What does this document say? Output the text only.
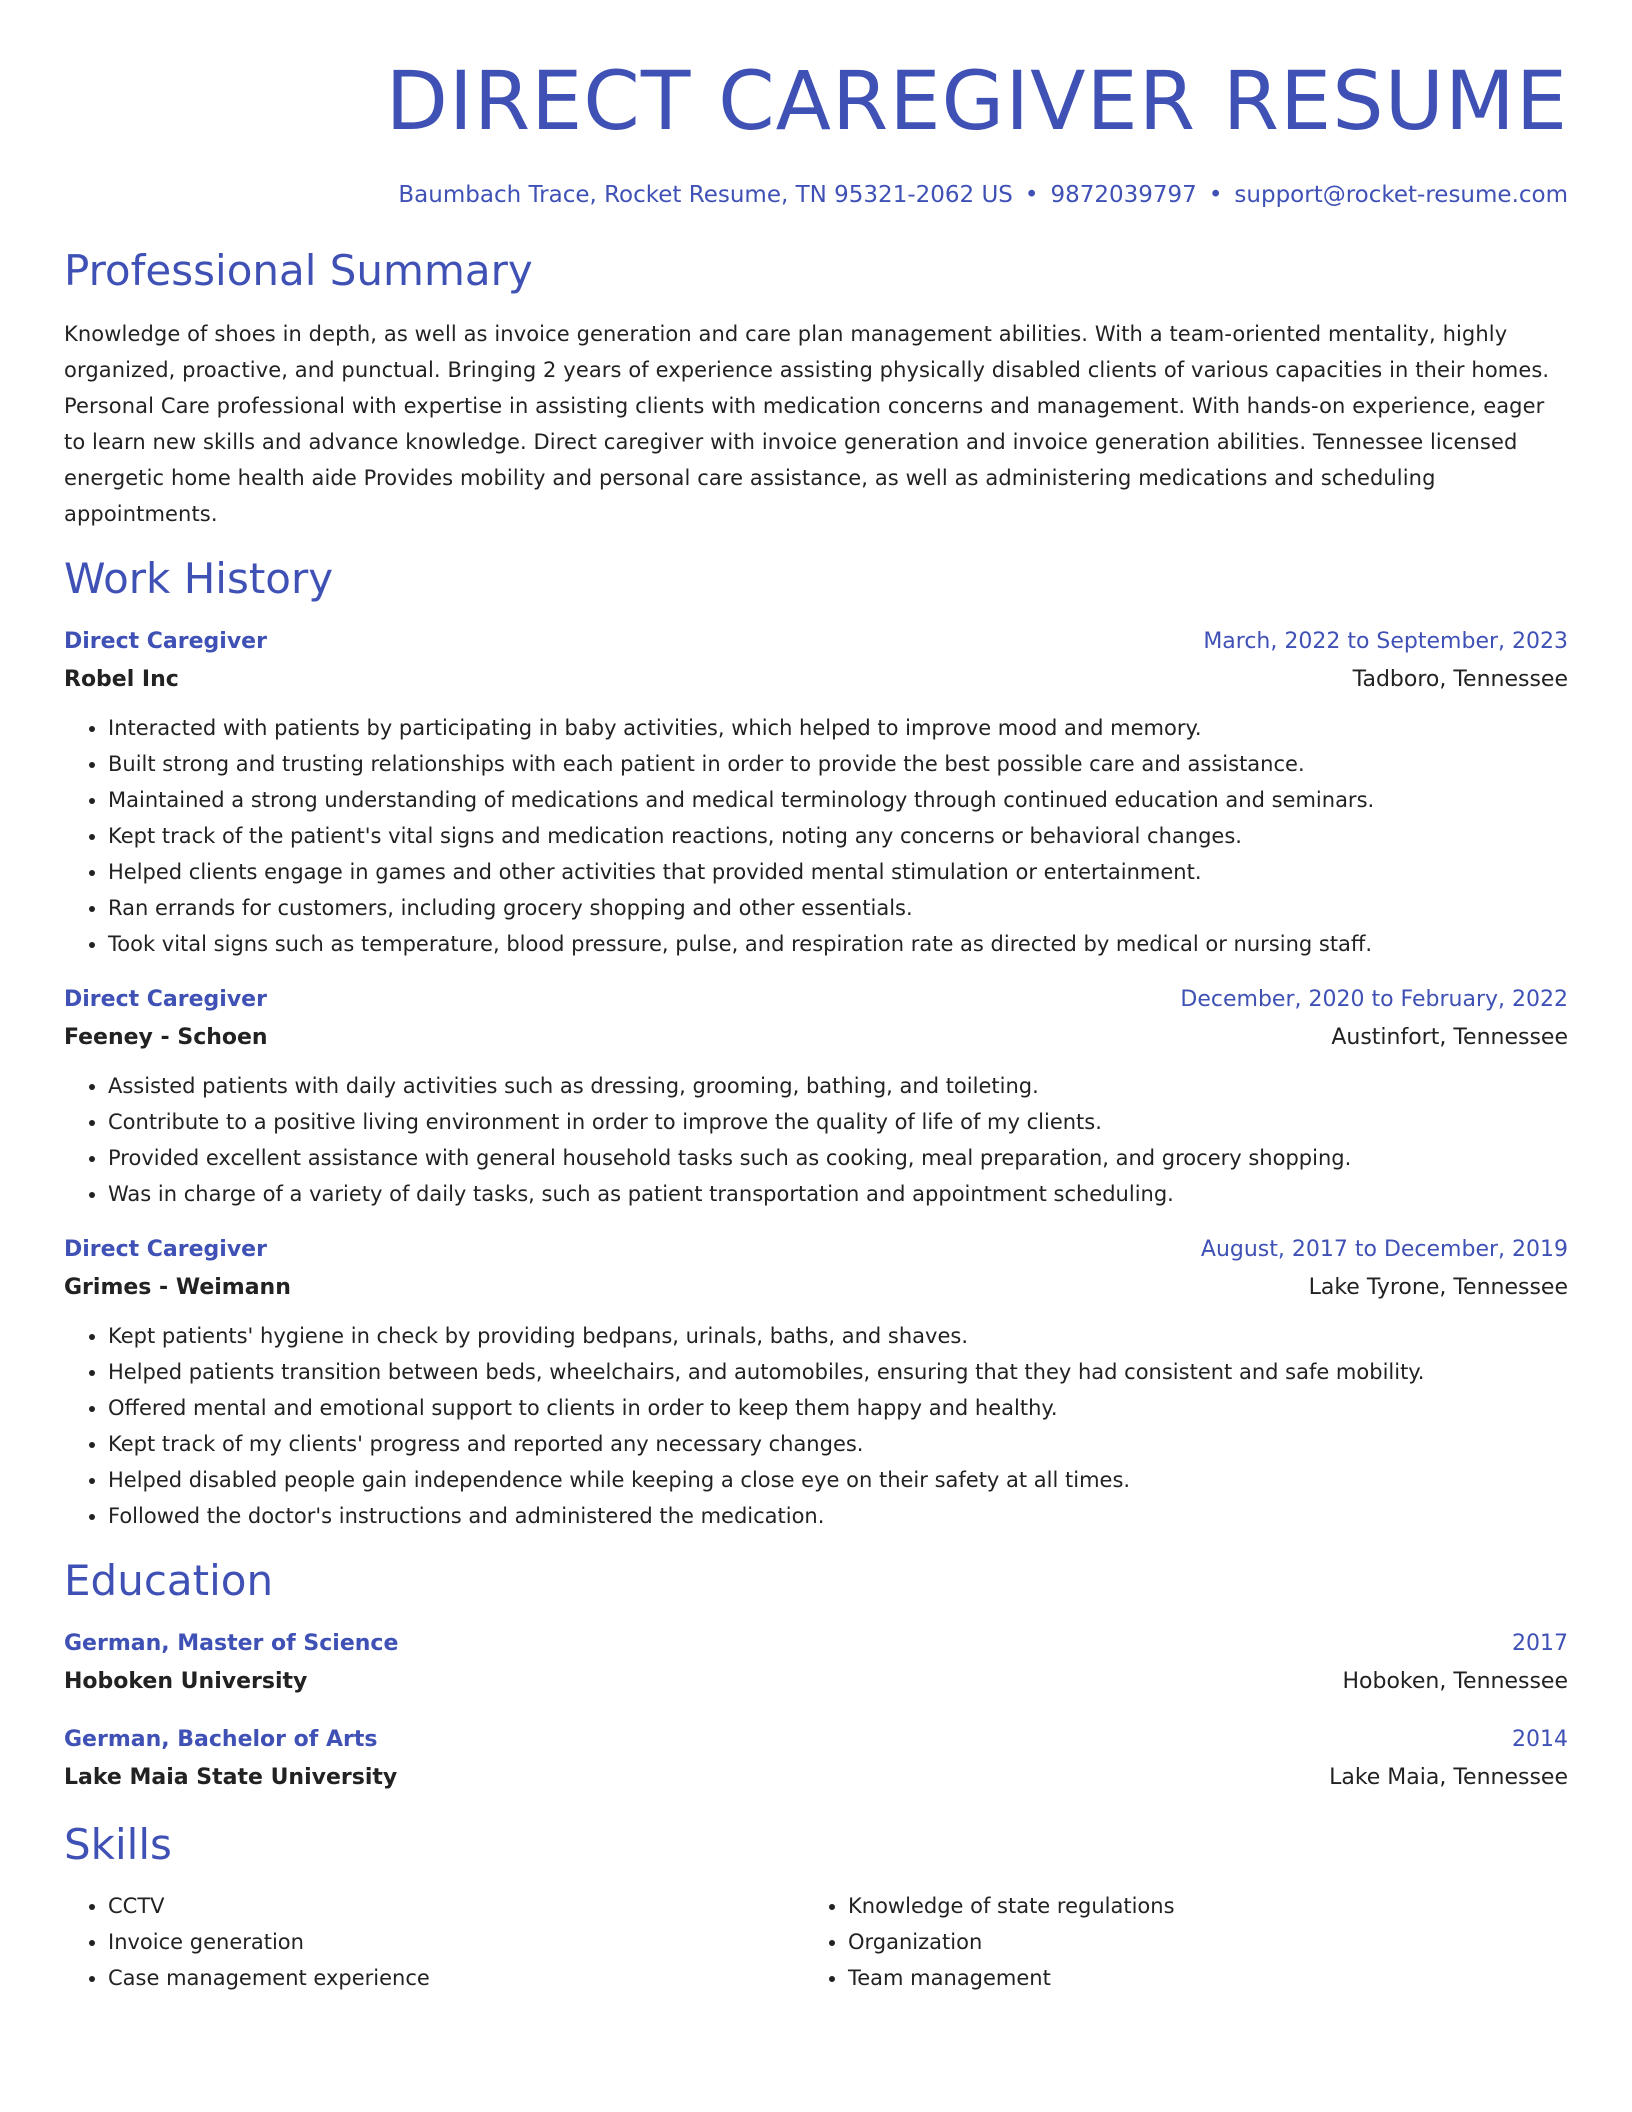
DIRECT CAREGIVER RESUME
Baumbach Trace, Rocket Resume, TN 95321-2062 US • 9872039797 • support@rocket-resume.com
Professional Summary
Knowledge of shoes in depth, as well as invoice generation and care plan management abilities. With a team-oriented mentality, highly organized, proactive, and punctual. Bringing 2 years of experience assisting physically disabled clients of various capacities in their homes. Personal Care professional with expertise in assisting clients with medication concerns and management. With hands-on experience, eager to learn new skills and advance knowledge. Direct caregiver with invoice generation and invoice generation abilities. Tennessee licensed energetic home health aide Provides mobility and personal care assistance, as well as administering medications and scheduling appointments.
Work History
Direct Caregiver	March, 2022 to September, 2023
Robel Inc	Tadboro, Tennessee
• Interacted with patients by participating in baby activities, which helped to improve mood and memory.
• Built strong and trusting relationships with each patient in order to provide the best possible care and assistance.
• Maintained a strong understanding of medications and medical terminology through continued education and seminars.
• Kept track of the patient's vital signs and medication reactions, noting any concerns or behavioral changes.
• Helped clients engage in games and other activities that provided mental stimulation or entertainment.
• Ran errands for customers, including grocery shopping and other essentials.
• Took vital signs such as temperature, blood pressure, pulse, and respiration rate as directed by medical or nursing staff.
Direct Caregiver	December, 2020 to February, 2022
Feeney - Schoen	Austinfort, Tennessee
• Assisted patients with daily activities such as dressing, grooming, bathing, and toileting.
• Contribute to a positive living environment in order to improve the quality of life of my clients.
• Provided excellent assistance with general household tasks such as cooking, meal preparation, and grocery shopping.
• Was in charge of a variety of daily tasks, such as patient transportation and appointment scheduling.
Direct Caregiver	August, 2017 to December, 2019
Grimes - Weimann	Lake Tyrone, Tennessee
• Kept patients' hygiene in check by providing bedpans, urinals, baths, and shaves.
• Helped patients transition between beds, wheelchairs, and automobiles, ensuring that they had consistent and safe mobility.
• Offered mental and emotional support to clients in order to keep them happy and healthy.
• Kept track of my clients' progress and reported any necessary changes.
• Helped disabled people gain independence while keeping a close eye on their safety at all times.
• Followed the doctor's instructions and administered the medication.
Education
German, Master of Science	2017
Hoboken University	Hoboken, Tennessee
German, Bachelor of Arts	2014
Lake Maia State University	Lake Maia, Tennessee
Skills
• CCTV
• Invoice generation
• Case management experience
• Knowledge of state regulations
• Organization
• Team management
